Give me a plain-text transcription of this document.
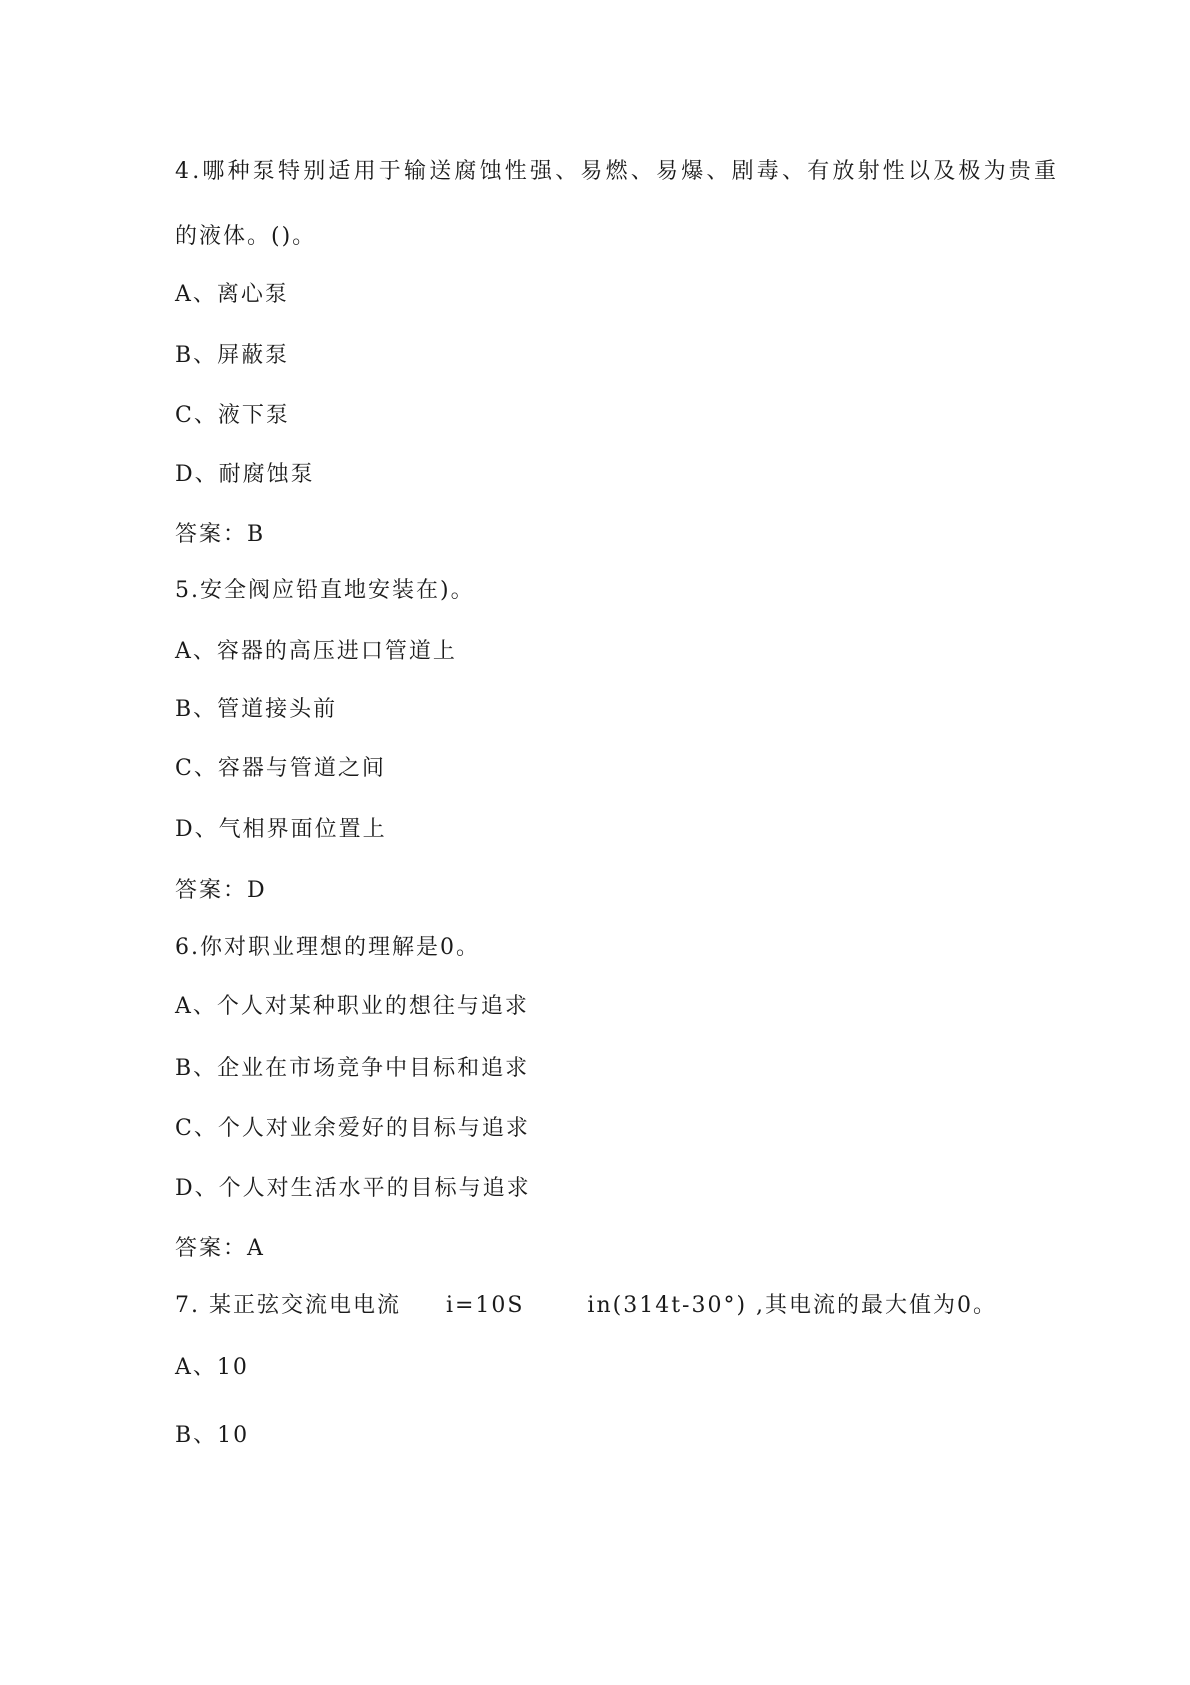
4.哪种泵特别适用于输送腐蚀性强、易燃、易爆、剧毒、有放射性以及极为贵重
的液体。()。
A、离心泵
B、屏蔽泵
C、液下泵
D、耐腐蚀泵
答案：B
5.安全阀应铅直地安装在)。
A、容器的高压进口管道上
B、管道接头前
C、容器与管道之间
D、气相界面位置上
答案：D
6.你对职业理想的理解是0。
A、个人对某种职业的想往与追求
B、企业在市场竞争中目标和追求
C、个人对业余爱好的目标与追求
D、个人对生活水平的目标与追求
答案：A
7. 某正弦交流电电流     i=10S       in(314t-30°) ,其电流的最大值为0。
A、10
B、10
